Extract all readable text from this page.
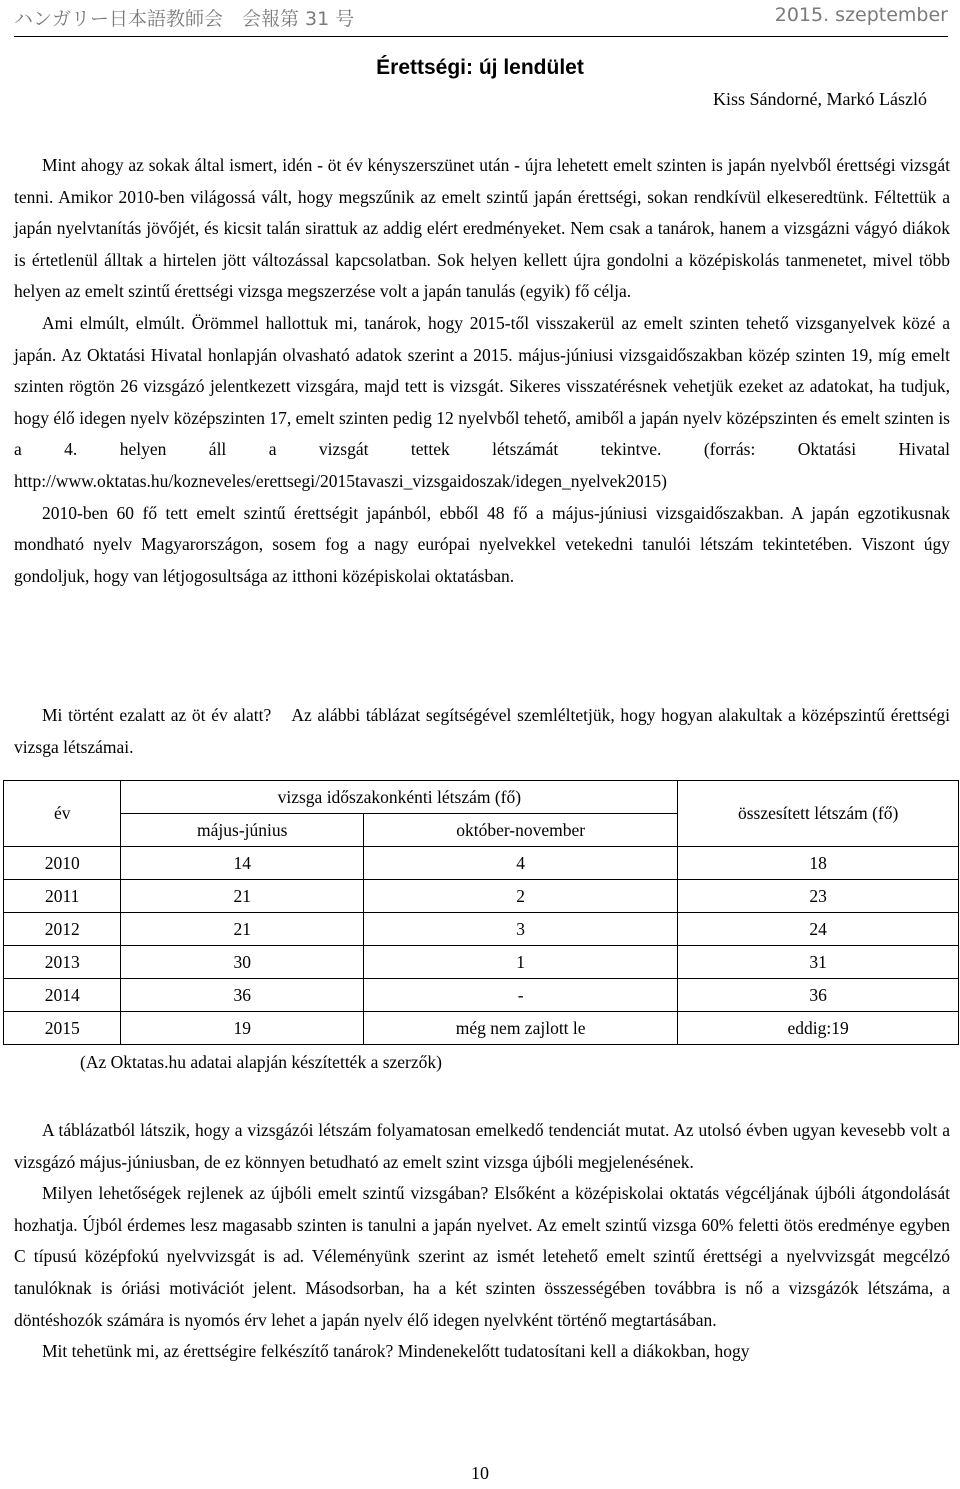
ハンガリー日本語教師会　会報第 31 号	2015. szeptember
Érettségi: új lendület
Kiss Sándorné, Markó László

Mint ahogy az sokak által ismert, idén - öt év kényszerszünet után - újra lehetett emelt szinten is japán nyelvből érettségi vizsgát tenni. Amikor 2010-ben világossá vált, hogy megszűnik az emelt szintű japán érettségi, sokan rendkívül elkeseredtünk. Féltettük a japán nyelvtanítás jövőjét, és kicsit talán sirattuk az addig elért eredményeket. Nem csak a tanárok, hanem a vizsgázni vágyó diákok is értetlenül álltak a hirtelen jött változással kapcsolatban. Sok helyen kellett újra gondolni a középiskolás tanmenetet, mivel több helyen az emelt szintű érettségi vizsga megszerzése volt a japán tanulás (egyik) fő célja.

Ami elmúlt, elmúlt. Örömmel hallottuk mi, tanárok, hogy 2015-től visszakerül az emelt szinten tehető vizsganyelvek közé a japán. Az Oktatási Hivatal honlapján olvasható adatok szerint a 2015. május-júniusi vizsgaidőszakban közép szinten 19, míg emelt szinten rögtön 26 vizsgázó jelentkezett vizsgára, majd tett is vizsgát. Sikeres visszatérésnek vehetjük ezeket az adatokat, ha tudjuk, hogy élő idegen nyelv középszinten 17, emelt szinten pedig 12 nyelvből tehető, amiből a japán nyelv középszinten és emelt szinten is a 4. helyen áll a vizsgát tettek létszámát tekintve. (forrás: Oktatási Hivatal http://www.oktatas.hu/kozneveles/erettsegi/2015tavaszi_vizsgaidoszak/idegen_nyelvek2015)

2010-ben 60 fő tett emelt szintű érettségit japánból, ebből 48 fő a május-júniusi vizsgaidőszakban. A japán egzotikusnak mondható nyelv Magyarországon, sosem fog a nagy európai nyelvekkel vetekedni tanulói létszám tekintetében. Viszont úgy gondoljuk, hogy van létjogosultsága az itthoni középiskolai oktatásban.

Mi történt ezalatt az öt év alatt?　Az alábbi táblázat segítségével szemléltetjük, hogy hogyan alakultak a középszintű érettségi vizsga létszámai.

év	vizsga időszakonkénti létszám (fő)		összesített létszám (fő)
	május-június	október-november	
2010	14	4	18
2011	21	2	23
2012	21	3	24
2013	30	1	31
2014	36	-	36
2015	19	még nem zajlott le	eddig:19
(Az Oktatas.hu adatai alapján készítették a szerzők)

A táblázatból látszik, hogy a vizsgázói létszám folyamatosan emelkedő tendenciát mutat. Az utolsó évben ugyan kevesebb volt a vizsgázó május-júniusban, de ez könnyen betudható az emelt szint vizsga újbóli megjelenésének.

Milyen lehetőségek rejlenek az újbóli emelt szintű vizsgában? Elsőként a középiskolai oktatás végcéljának újbóli átgondolását hozhatja. Újból érdemes lesz magasabb szinten is tanulni a japán nyelvet. Az emelt szintű vizsga 60% feletti ötös eredménye egyben C típusú középfokú nyelvvizsgát is ad. Véleményünk szerint az ismét letehető emelt szintű érettségi a nyelvvizsgát megcélzó tanulóknak is óriási motivációt jelent. Másodsorban, ha a két szinten összességében továbbra is nő a vizsgázók létszáma, a döntéshozók számára is nyomós érv lehet a japán nyelv élő idegen nyelvként történő megtartásában.

Mit tehetünk mi, az érettségire felkészítő tanárok? Mindenekelőtt tudatosítani kell a diákokban, hogy

10
